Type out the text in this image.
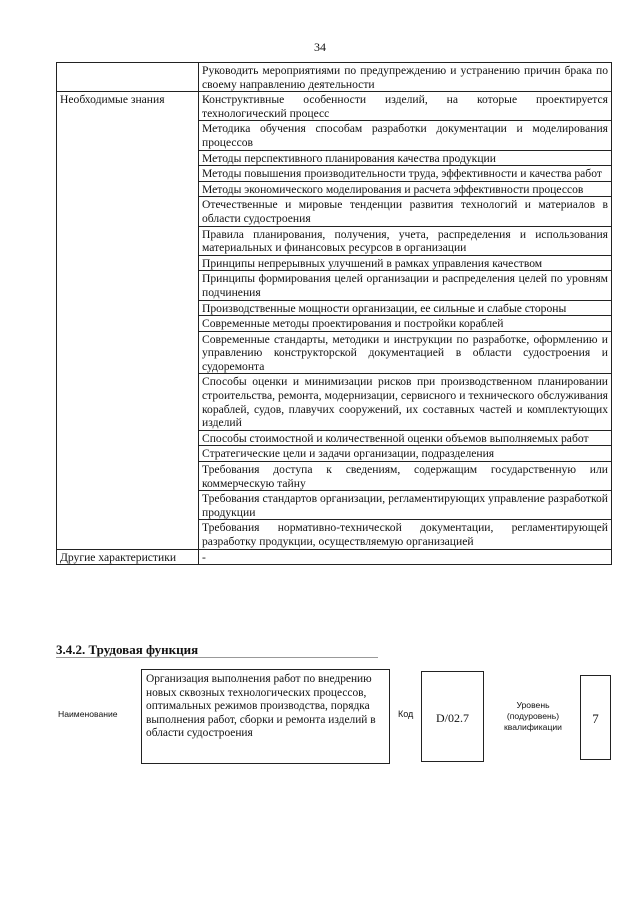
34
	Руководить мероприятиями по предупреждению и устранению причин брака по своему направлению деятельности
Необходимые знания	Конструктивные особенности изделий, на которые проектируется технологический процесс
	Методика обучения способам разработки документации и моделирования процессов
	Методы перспективного планирования качества продукции
	Методы повышения производительности труда, эффективности и качества работ
	Методы экономического моделирования и расчета эффективности процессов
	Отечественные и мировые тенденции развития технологий и материалов в области судостроения
	Правила планирования, получения, учета, распределения и использования материальных и финансовых ресурсов в организации
	Принципы непрерывных улучшений в рамках управления качеством
	Принципы формирования целей организации и распределения целей по уровням подчинения
	Производственные мощности организации, ее сильные и слабые стороны
	Современные методы проектирования и постройки кораблей
	Современные стандарты, методики и инструкции по разработке, оформлению и управлению конструкторской документацией в области судостроения и судоремонта
	Способы оценки и минимизации рисков при производственном планировании строительства, ремонта, модернизации, сервисного и технического обслуживания кораблей, судов, плавучих сооружений, их составных частей и комплектующих изделий
	Способы стоимостной и количественной оценки объемов выполняемых работ
	Стратегические цели и задачи организации, подразделения
	Требования доступа к сведениям, содержащим государственную или коммерческую тайну
	Требования стандартов организации, регламентирующих управление разработкой продукции
	Требования нормативно-технической документации, регламентирующей разработку продукции, осуществляемую организацией
Другие характеристики	-
3.4.2. Трудовая функция
Наименование
Организация выполнения работ по внедрению новых сквозных технологических процессов, оптимальных режимов производства, порядка выполнения работ, сборки и ремонта изделий в области судостроения
Код	D/02.7
Уровень (подуровень) квалификации
7
